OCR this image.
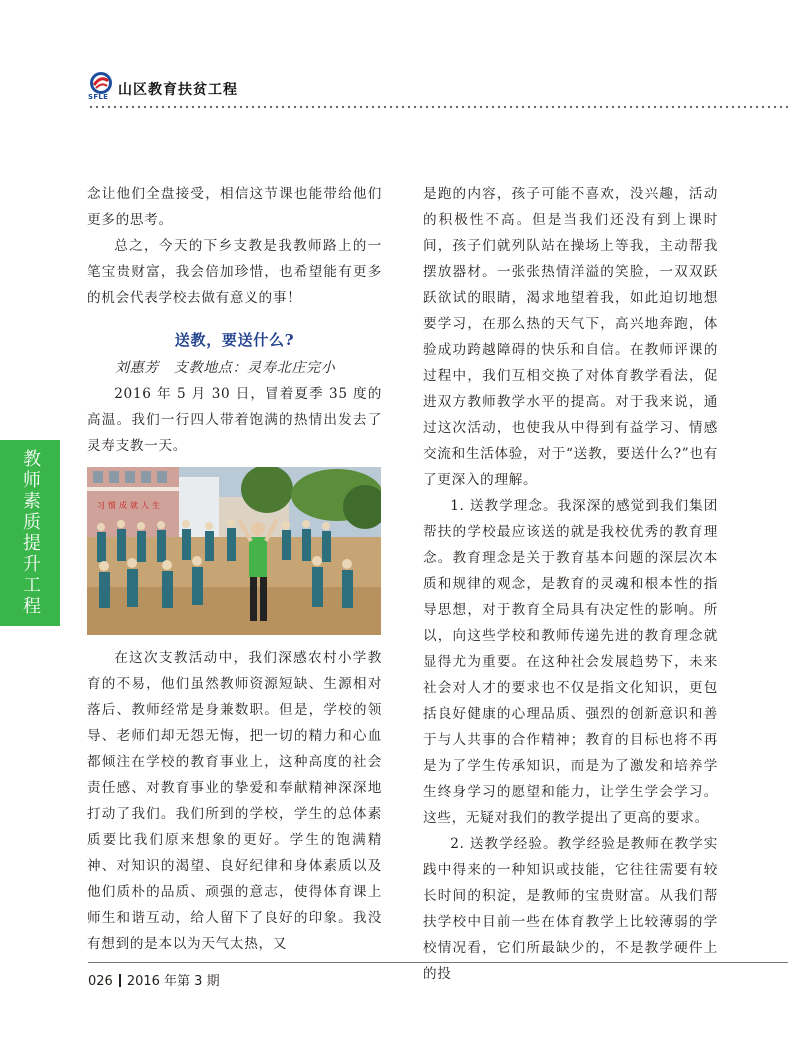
SFLE 山区教育扶贫工程
教师素质提升工程

念让他们全盘接受，相信这节课也能带给他们更多的思考。

总之，今天的下乡支教是我教师路上的一笔宝贵财富，我会倍加珍惜，也希望能有更多的机会代表学校去做有意义的事！

送教，要送什么?

刘惠芳　支教地点：灵寿北庄完小

2016 年 5 月 30 日，冒着夏季 35 度的高温。我们一行四人带着饱满的热情出发去了灵寿支教一天。

习惯成就人生

在这次支教活动中，我们深感农村小学教育的不易，他们虽然教师资源短缺、生源相对落后、教师经常是身兼数职。但是，学校的领导、老师们却无怨无悔，把一切的精力和心血都倾注在学校的教育事业上，这种高度的社会责任感、对教育事业的挚爱和奉献精神深深地打动了我们。我们所到的学校，学生的总体素质要比我们原来想象的更好。学生的饱满精神、对知识的渴望、良好纪律和身体素质以及他们质朴的品质、顽强的意志，使得体育课上师生和谐互动，给人留下了良好的印象。我没有想到的是本以为天气太热，又

是跑的内容，孩子可能不喜欢，没兴趣，活动的积极性不高。但是当我们还没有到上课时间，孩子们就列队站在操场上等我，主动帮我摆放器材。一张张热情洋溢的笑脸，一双双跃跃欲试的眼睛，渴求地望着我，如此迫切地想要学习，在那么热的天气下，高兴地奔跑，体验成功跨越障碍的快乐和自信。在教师评课的过程中，我们互相交换了对体育教学看法，促进双方教师教学水平的提高。对于我来说，通过这次活动，也使我从中得到有益学习、情感交流和生活体验，对于“送教，要送什么?”也有了更深入的理解。

1. 送教学理念。我深深的感觉到我们集团帮扶的学校最应该送的就是我校优秀的教育理念。教育理念是关于教育基本问题的深层次本质和规律的观念，是教育的灵魂和根本性的指导思想，对于教育全局具有决定性的影响。所以，向这些学校和教师传递先进的教育理念就显得尤为重要。在这种社会发展趋势下，未来社会对人才的要求也不仅是指文化知识，更包括良好健康的心理品质、强烈的创新意识和善于与人共事的合作精神；教育的目标也将不再是为了学生传承知识，而是为了激发和培养学生终身学习的愿望和能力，让学生学会学习。这些，无疑对我们的教学提出了更高的要求。

2. 送教学经验。教学经验是教师在教学实践中得来的一种知识或技能，它往往需要有较长时间的积淀，是教师的宝贵财富。从我们帮扶学校中目前一些在体育教学上比较薄弱的学校情况看，它们所最缺少的，不是教学硬件上的投

026 2016 年第 3 期
